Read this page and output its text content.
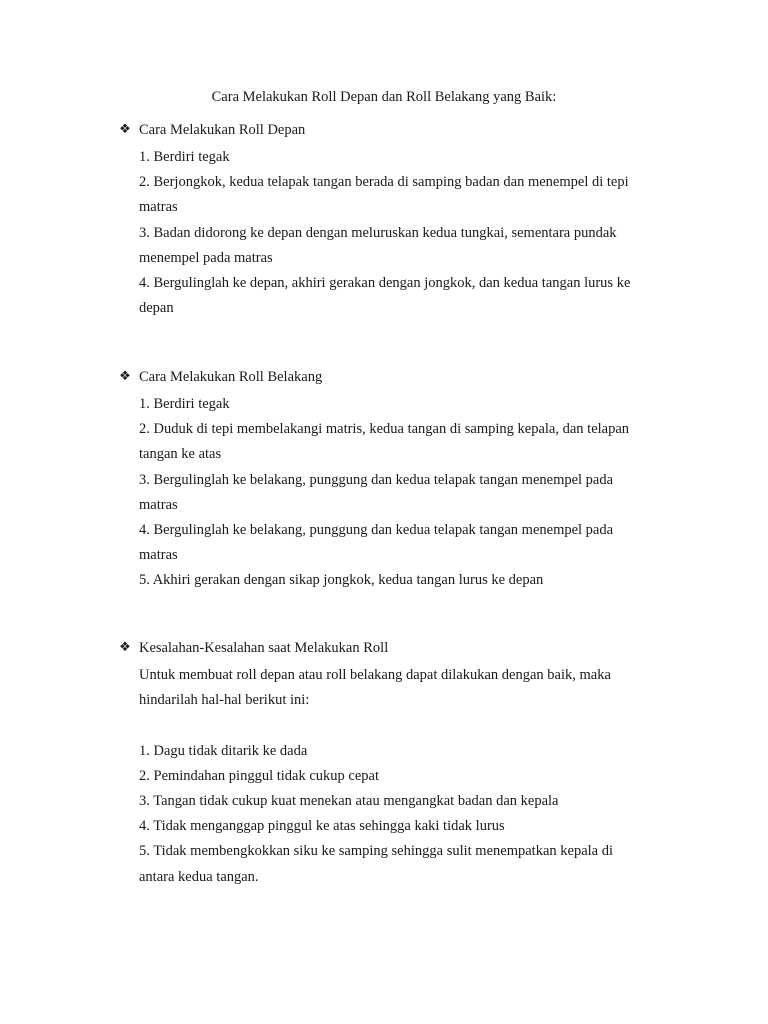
Cara Melakukan Roll Depan dan Roll Belakang yang Baik:
❖ Cara Melakukan Roll Depan
1. Berdiri tegak
2. Berjongkok, kedua telapak tangan berada di samping badan dan menempel di tepi
matras
3. Badan didorong ke depan dengan meluruskan kedua tungkai, sementara pundak
menempel pada matras
4. Bergulinglah ke depan, akhiri gerakan dengan jongkok, dan kedua tangan lurus ke
depan
❖ Cara Melakukan Roll Belakang
1. Berdiri tegak
2. Duduk di tepi membelakangi matris, kedua tangan di samping kepala, dan telapan
tangan ke atas
3. Bergulinglah ke belakang, punggung dan kedua telapak tangan menempel pada
matras
4. Bergulinglah ke belakang, punggung dan kedua telapak tangan menempel pada
matras
5. Akhiri gerakan dengan sikap jongkok, kedua tangan lurus ke depan
❖ Kesalahan-Kesalahan saat Melakukan Roll
Untuk membuat roll depan atau roll belakang dapat dilakukan dengan baik, maka
hindarilah hal-hal berikut ini:
1. Dagu tidak ditarik ke dada
2. Pemindahan pinggul tidak cukup cepat
3. Tangan tidak cukup kuat menekan atau mengangkat badan dan kepala
4. Tidak menganggap pinggul ke atas sehingga kaki tidak lurus
5. Tidak membengkokkan siku ke samping sehingga sulit menempatkan kepala di
antara kedua tangan.
